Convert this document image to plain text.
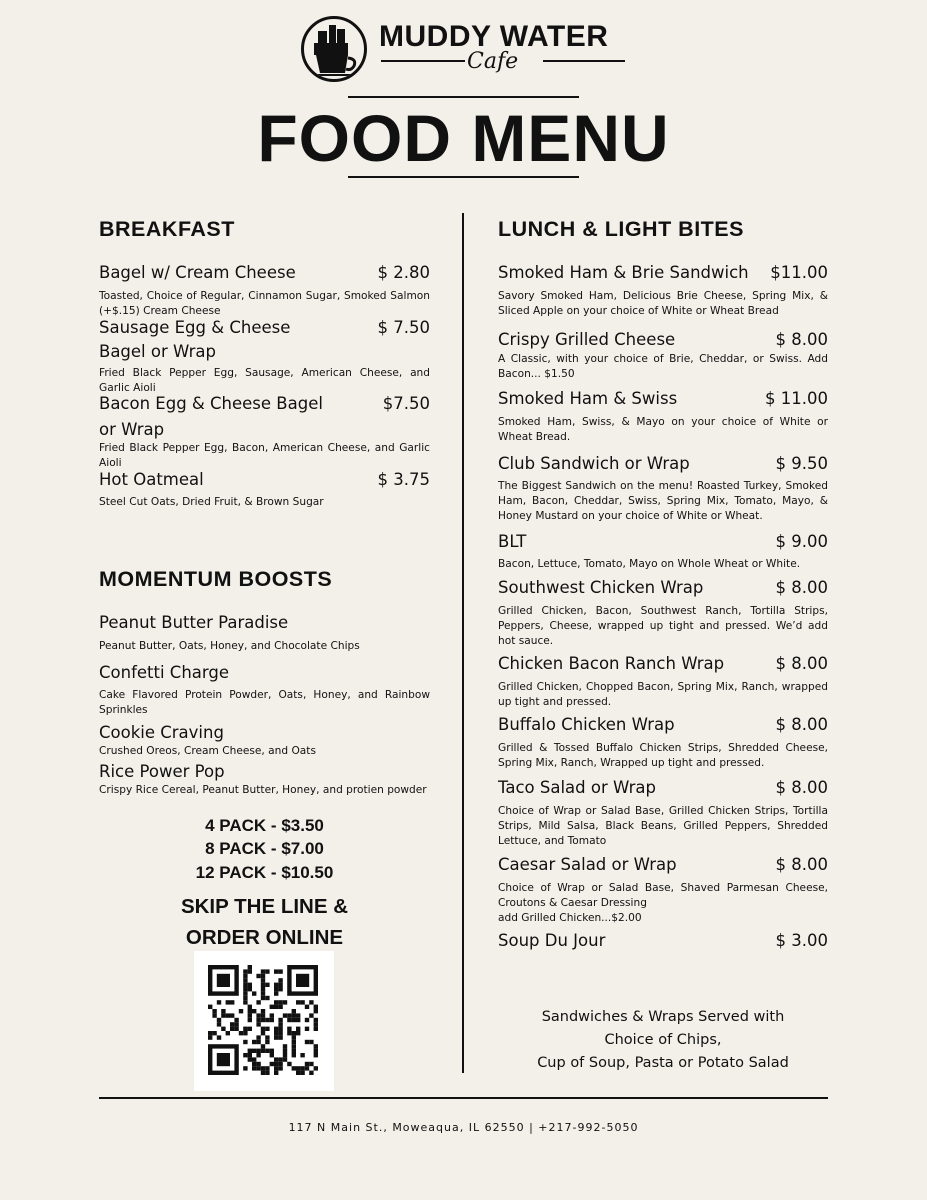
MUDDY WATER
Cafe
FOOD MENU
BREAKFAST
Bagel w/ Cream Cheese	$ 2.80
Toasted, Choice of Regular, Cinnamon Sugar, Smoked Salmon (+$.15) Cream Cheese
Sausage Egg & Cheese	$ 7.50
Bagel or Wrap
Fried Black Pepper Egg, Sausage, American Cheese, and Garlic Aioli
Bacon Egg & Cheese Bagel	$7.50
or Wrap
Fried Black Pepper Egg, Bacon, American Cheese, and Garlic Aioli
Hot Oatmeal	$ 3.75
Steel Cut Oats, Dried Fruit, & Brown Sugar
MOMENTUM BOOSTS
Peanut Butter Paradise
Peanut Butter, Oats, Honey, and Chocolate Chips
Confetti Charge
Cake Flavored Protein Powder, Oats, Honey, and Rainbow Sprinkles
Cookie Craving
Crushed Oreos, Cream Cheese, and Oats
Rice Power Pop
Crispy Rice Cereal, Peanut Butter, Honey, and protien powder
4 PACK - $3.50
8 PACK - $7.00
12 PACK - $10.50
SKIP THE LINE &
ORDER ONLINE
LUNCH & LIGHT BITES
Smoked Ham & Brie Sandwich	$11.00
Savory Smoked Ham, Delicious Brie Cheese, Spring Mix, & Sliced Apple on your choice of White or Wheat Bread
Crispy Grilled Cheese	$ 8.00
A Classic, with your choice of Brie, Cheddar, or Swiss. Add Bacon... $1.50
Smoked Ham & Swiss	$ 11.00
Smoked Ham, Swiss, & Mayo on your choice of White or Wheat Bread.
Club Sandwich or Wrap	$ 9.50
The Biggest Sandwich on the menu! Roasted Turkey, Smoked Ham, Bacon, Cheddar, Swiss, Spring Mix, Tomato, Mayo, & Honey Mustard on your choice of White or Wheat.
BLT	$ 9.00
Bacon, Lettuce, Tomato, Mayo on Whole Wheat or White.
Southwest Chicken Wrap	$ 8.00
Grilled Chicken, Bacon, Southwest Ranch, Tortilla Strips, Peppers, Cheese, wrapped up tight and pressed. We’d add hot sauce.
Chicken Bacon Ranch Wrap	$ 8.00
Grilled Chicken, Chopped Bacon, Spring Mix, Ranch, wrapped up tight and pressed.
Buffalo Chicken Wrap	$ 8.00
Grilled & Tossed Buffalo Chicken Strips, Shredded Cheese, Spring Mix, Ranch, Wrapped up tight and pressed.
Taco Salad or Wrap	$ 8.00
Choice of Wrap or Salad Base, Grilled Chicken Strips, Tortilla Strips, Mild Salsa, Black Beans, Grilled Peppers, Shredded Lettuce, and Tomato
Caesar Salad or Wrap	$ 8.00
Choice of Wrap or Salad Base, Shaved Parmesan Cheese, Croutons & Caesar Dressing
add Grilled Chicken...$2.00
Soup Du Jour	$ 3.00
Sandwiches & Wraps Served with
Choice of Chips,
Cup of Soup, Pasta or Potato Salad
117 N Main St., Moweaqua, IL 62550 | +217-992-5050
